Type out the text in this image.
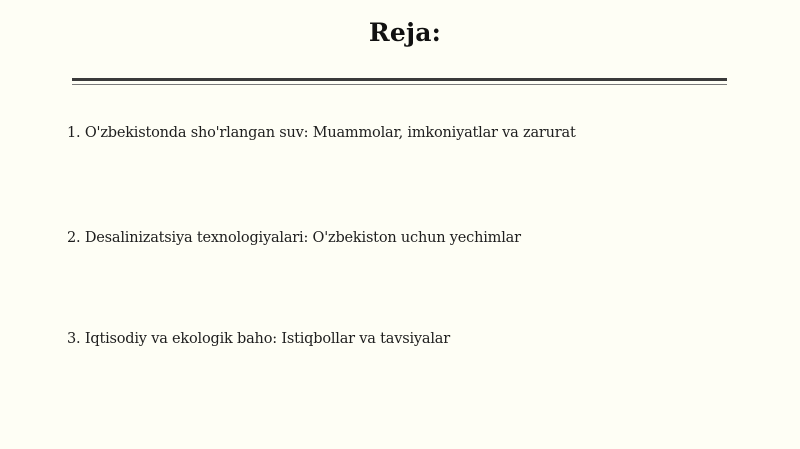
Reja:
1. O'zbekistonda sho'rlangan suv: Muammolar, imkoniyatlar va zarurat
2. Desalinizatsiya texnologiyalari: O'zbekiston uchun yechimlar
3. Iqtisodiy va ekologik baho: Istiqbollar va tavsiyalar
